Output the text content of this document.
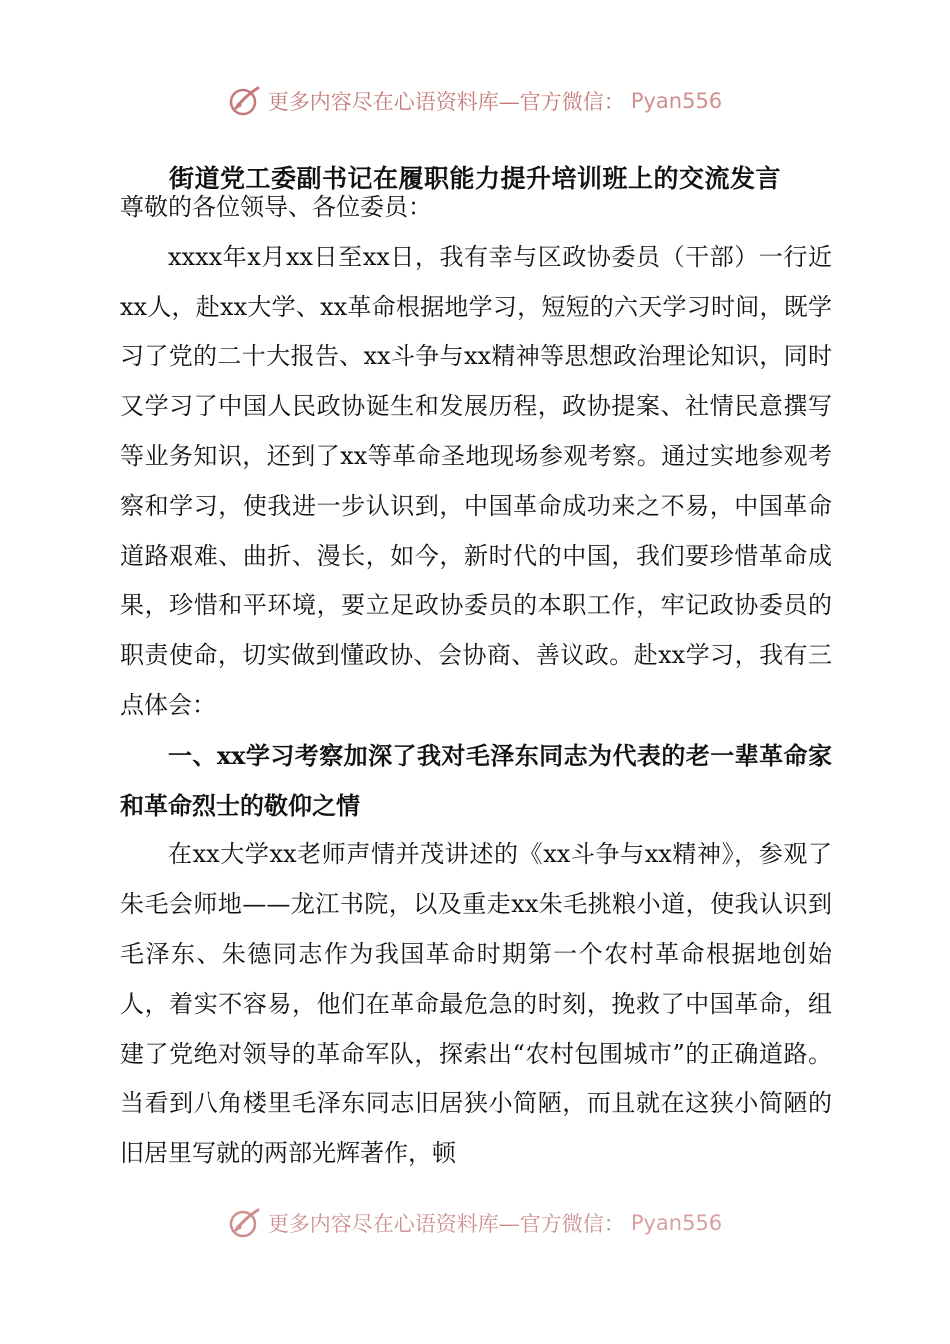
更多内容尽在心语资料库—官方微信： Pyan556
街道党工委副书记在履职能力提升培训班上的交流发言

尊敬的各位领导、各位委员：

xxxx年x月xx日至xx日，我有幸与区政协委员（干部）一行近xx人，赴xx大学、xx革命根据地学习，短短的六天学习时间，既学习了党的二十大报告、xx斗争与xx精神等思想政治理论知识，同时又学习了中国人民政协诞生和发展历程，政协提案、社情民意撰写等业务知识，还到了xx等革命圣地现场参观考察。通过实地参观考察和学习，使我进一步认识到，中国革命成功来之不易，中国革命道路艰难、曲折、漫长，如今，新时代的中国，我们要珍惜革命成果，珍惜和平环境，要立足政协委员的本职工作，牢记政协委员的职责使命，切实做到懂政协、会协商、善议政。赴xx学习，我有三点体会：

一、xx学习考察加深了我对毛泽东同志为代表的老一辈革命家和革命烈士的敬仰之情

在xx大学xx老师声情并茂讲述的《xx斗争与xx精神》，参观了朱毛会师地——龙江书院，以及重走xx朱毛挑粮小道，使我认识到毛泽东、朱德同志作为我国革命时期第一个农村革命根据地创始人，着实不容易，他们在革命最危急的时刻，挽救了中国革命，组建了党绝对领导的革命军队，探索出“农村包围城市”的正确道路。当看到八角楼里毛泽东同志旧居狭小简陋，而且就在这狭小简陋的旧居里写就的两部光辉著作，顿

更多内容尽在心语资料库—官方微信： Pyan556
